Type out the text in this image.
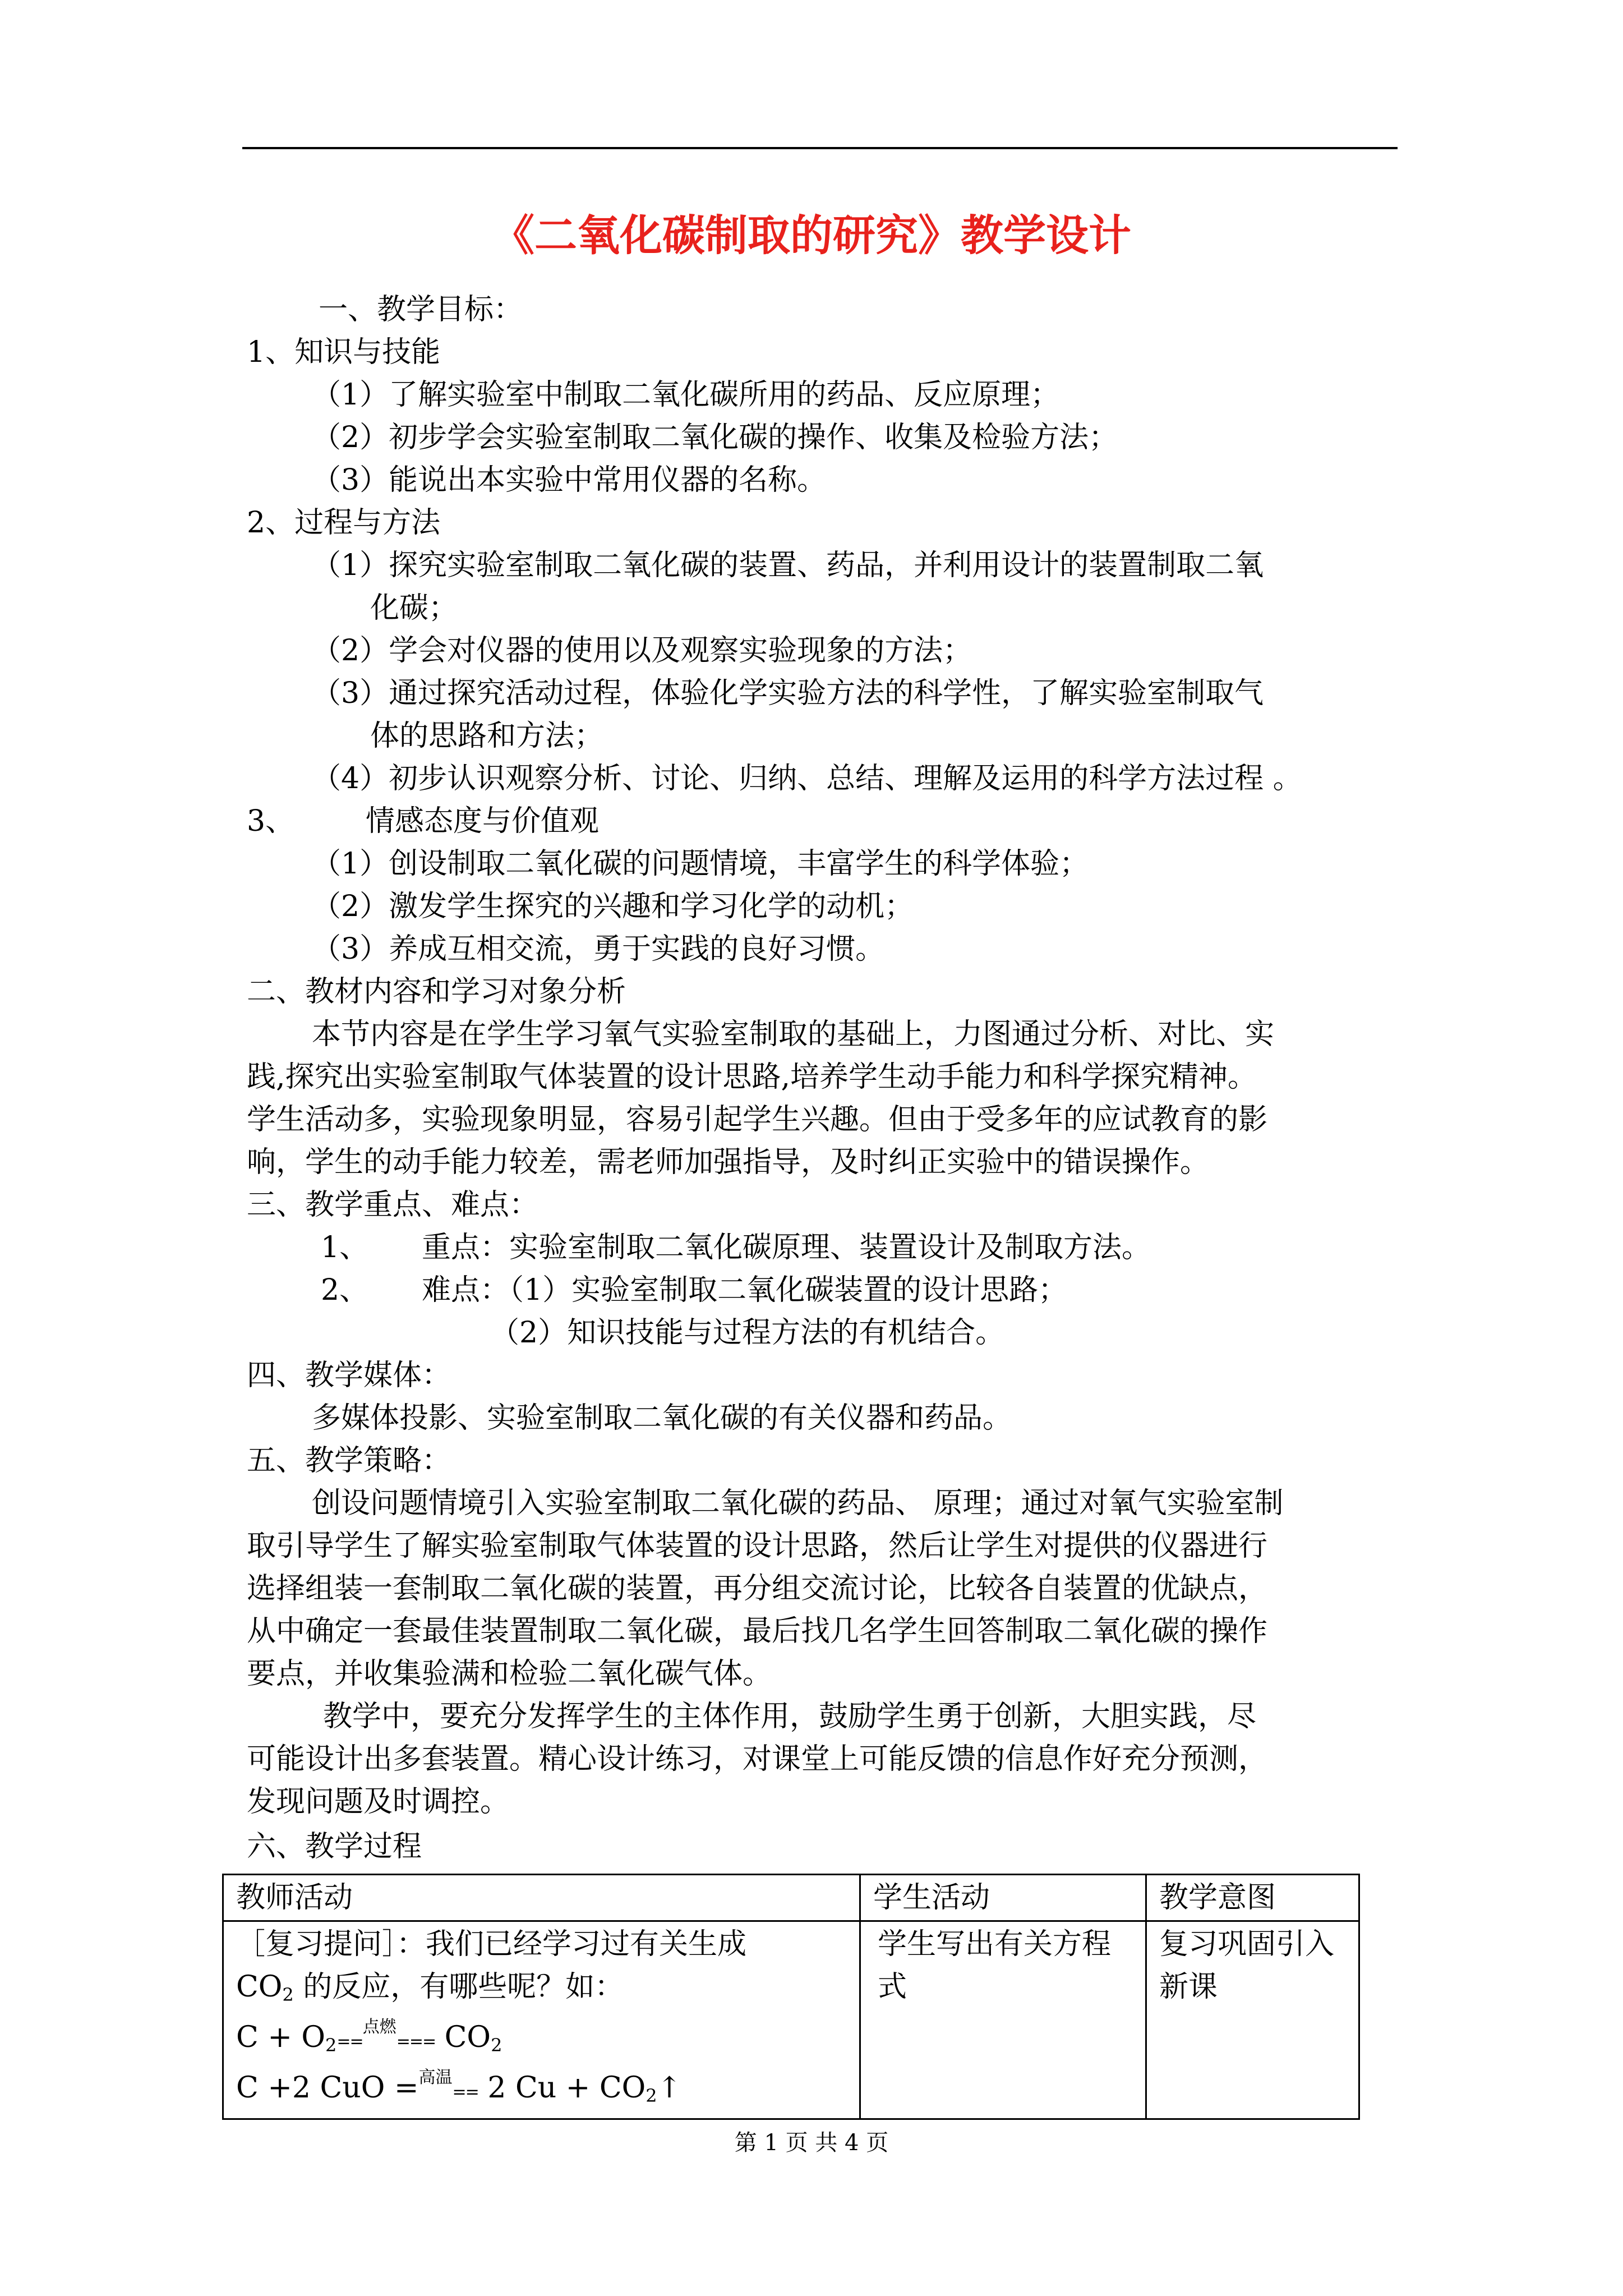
《二氧化碳制取的研究》教学设计
一、教学目标：
1、知识与技能
（1）了解实验室中制取二氧化碳所用的药品、反应原理；
（2）初步学会实验室制取二氧化碳的操作、收集及检验方法；
（3）能说出本实验中常用仪器的名称。
2、过程与方法
（1）探究实验室制取二氧化碳的装置、药品，并利用设计的装置制取二氧
化碳；
（2）学会对仪器的使用以及观察实验现象的方法；
（3）通过探究活动过程，体验化学实验方法的科学性，了解实验室制取气
体的思路和方法；
（4）初步认识观察分析、讨论、归纳、总结、理解及运用的科学方法过程 。
3、 情感态度与价值观
（1）创设制取二氧化碳的问题情境，丰富学生的科学体验；
（2）激发学生探究的兴趣和学习化学的动机；
（3）养成互相交流，勇于实践的良好习惯。
二、教材内容和学习对象分析
本节内容是在学生学习氧气实验室制取的基础上，力图通过分析、对比、实
践,探究出实验室制取气体装置的设计思路,培养学生动手能力和科学探究精神。
学生活动多，实验现象明显，容易引起学生兴趣。但由于受多年的应试教育的影
响，学生的动手能力较差，需老师加强指导，及时纠正实验中的错误操作。
三、教学重点、难点：
1、 重点：实验室制取二氧化碳原理、装置设计及制取方法。
2、 难点：（1）实验室制取二氧化碳装置的设计思路；
（2）知识技能与过程方法的有机结合。
四、教学媒体：
多媒体投影、实验室制取二氧化碳的有关仪器和药品。
五、教学策略：
创设问题情境引入实验室制取二氧化碳的药品、 原理；通过对氧气实验室制
取引导学生了解实验室制取气体装置的设计思路，然后让学生对提供的仪器进行
选择组装一套制取二氧化碳的装置，再分组交流讨论，比较各自装置的优缺点，
从中确定一套最佳装置制取二氧化碳，最后找几名学生回答制取二氧化碳的操作
要点，并收集验满和检验二氧化碳气体。
教学中，要充分发挥学生的主体作用，鼓励学生勇于创新，大胆实践，尽
可能设计出多套装置。精心设计练习，对课堂上可能反馈的信息作好充分预测，
发现问题及时调控。
六、教学过程
教师活动	学生活动	教学意图

［复习提问］：我们已经学习过有关生成
$CO_2$ 的反应，有哪些呢？如：
$C + O_2==^{点燃}=== CO_2$
C +2 CuO =$^{高温}$== 2 $Cu + CO_2↑$	学生写出有关方程式	复习巩固引入新课
第 1 页 共 4 页
